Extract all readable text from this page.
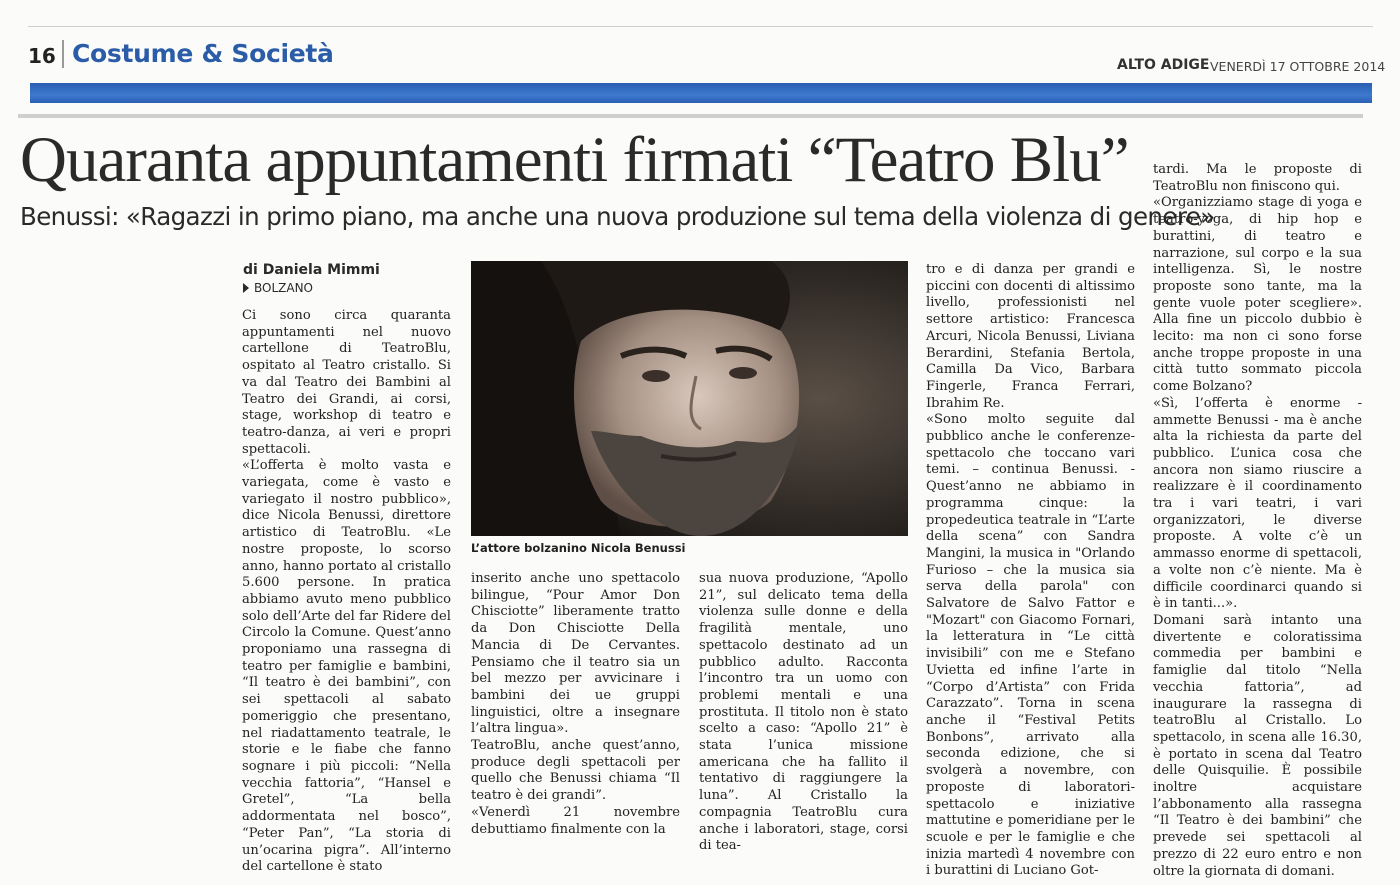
16 Costume & Società	ALTO ADIGE VENERDÌ 17 OTTOBRE 2014
Quaranta appuntamenti firmati “Teatro Blu”
Benussi: «Ragazzi in primo piano, ma anche una nuova produzione sul tema della violenza di genere»
di Daniela Mimmi
BOLZANO

Ci sono circa quaranta appuntamenti nel nuovo cartellone di TeatroBlu, ospitato al Teatro cristallo. Si va dal Teatro dei Bambini al Teatro dei Grandi, ai corsi, stage, workshop di teatro e teatro-danza, ai veri e propri spettacoli.
«L’offerta è molto vasta e variegata, come è vasto e variegato il nostro pubblico», dice Nicola Benussi, direttore artistico di TeatroBlu. «Le nostre proposte, lo scorso anno, hanno portato al cristallo 5.600 persone. In pratica abbiamo avuto meno pubblico solo dell’Arte del far Ridere del Circolo la Comune. Quest’anno proponiamo una rassegna di teatro per famiglie e bambini, “Il teatro è dei bambini”, con sei spettacoli al sabato pomeriggio che presentano, nel riadattamento teatrale, le storie e le fiabe che fanno sognare i più piccoli: “Nella vecchia fattoria”, “Hansel e Gretel”, “La bella addormentata nel bosco”, “Peter Pan”, “La storia di un’ocarina pigra”. All’interno del cartellone è stato

L’attore bolzanino Nicola Benussi

inserito anche uno spettacolo bilingue, “Pour Amor Don Chisciotte” liberamente tratto da Don Chisciotte Della Mancia di De Cervantes. Pensiamo che il teatro sia un bel mezzo per avvicinare i bambini dei ue gruppi linguistici, oltre a insegnare l’altra lingua».
TeatroBlu, anche quest’anno, produce degli spettacoli per quello che Benussi chiama “Il teatro è dei grandi”.
«Venerdì 21 novembre debuttiamo finalmente con la

sua nuova produzione, “Apollo 21”, sul delicato tema della violenza sulle donne e della fragilità mentale, uno spettacolo destinato ad un pubblico adulto. Racconta l’incontro tra un uomo con problemi mentali e una prostituta. Il titolo non è stato scelto a caso: “Apollo 21” è stata l’unica missione americana che ha fallito il tentativo di raggiungere la luna”. Al Cristallo la compagnia TeatroBlu cura anche i laboratori, stage, corsi di tea-

tro e di danza per grandi e piccini con docenti di altissimo livello, professionisti nel settore artistico: Francesca Arcuri, Nicola Benussi, Liviana Berardini, Stefania Bertola, Camilla Da Vico, Barbara Fingerle, Franca Ferrari, Ibrahim Re.
«Sono molto seguite dal pubblico anche le conferenze-spettacolo che toccano vari temi. – continua Benussi. - Quest’anno ne abbiamo in programma cinque: la propedeutica teatrale in “L’arte della scena” con Sandra Mangini, la musica in "Orlando Furioso – che la musica sia serva della parola" con Salvatore de Salvo Fattor e "Mozart" con Giacomo Fornari, la letteratura in “Le città invisibili” con me e Stefano Uvietta ed infine l’arte in “Corpo d’Artista” con Frida Carazzato”. Torna in scena anche il “Festival Petits Bonbons”, arrivato alla seconda edizione, che si svolgerà a novembre, con proposte di laboratori-spettacolo e iniziative mattutine e pomeridiane per le scuole e per le famiglie e che inizia martedì 4 novembre con i burattini di Luciano Got-

tardi. Ma le proposte di TeatroBlu non finiscono qui.
«Organizziamo stage di yoga e teatro-yoga, di hip hop e burattini, di teatro e narrazione, sul corpo e la sua intelligenza. Sì, le nostre proposte sono tante, ma la gente vuole poter scegliere». Alla fine un piccolo dubbio è lecito: ma non ci sono forse anche troppe proposte in una città tutto sommato piccola come Bolzano?
«Sì, l’offerta è enorme - ammette Benussi - ma è anche alta la richiesta da parte del pubblico. L’unica cosa che ancora non siamo riuscire a realizzare è il coordinamento tra i vari teatri, i vari organizzatori, le diverse proposte. A volte c’è un ammasso enorme di spettacoli, a volte non c’è niente. Ma è difficile coordinarci quando si è in tanti...».
Domani sarà intanto una divertente e coloratissima commedia per bambini e famiglie dal titolo “Nella vecchia fattoria”, ad inaugurare la rassegna di teatroBlu al Cristallo. Lo spettacolo, in scena alle 16.30, è portato in scena dal Teatro delle Quisquilie. È possibile inoltre acquistare l’abbonamento alla rassegna “Il Teatro è dei bambini” che prevede sei spettacoli al prezzo di 22 euro entro e non oltre la giornata di domani.
